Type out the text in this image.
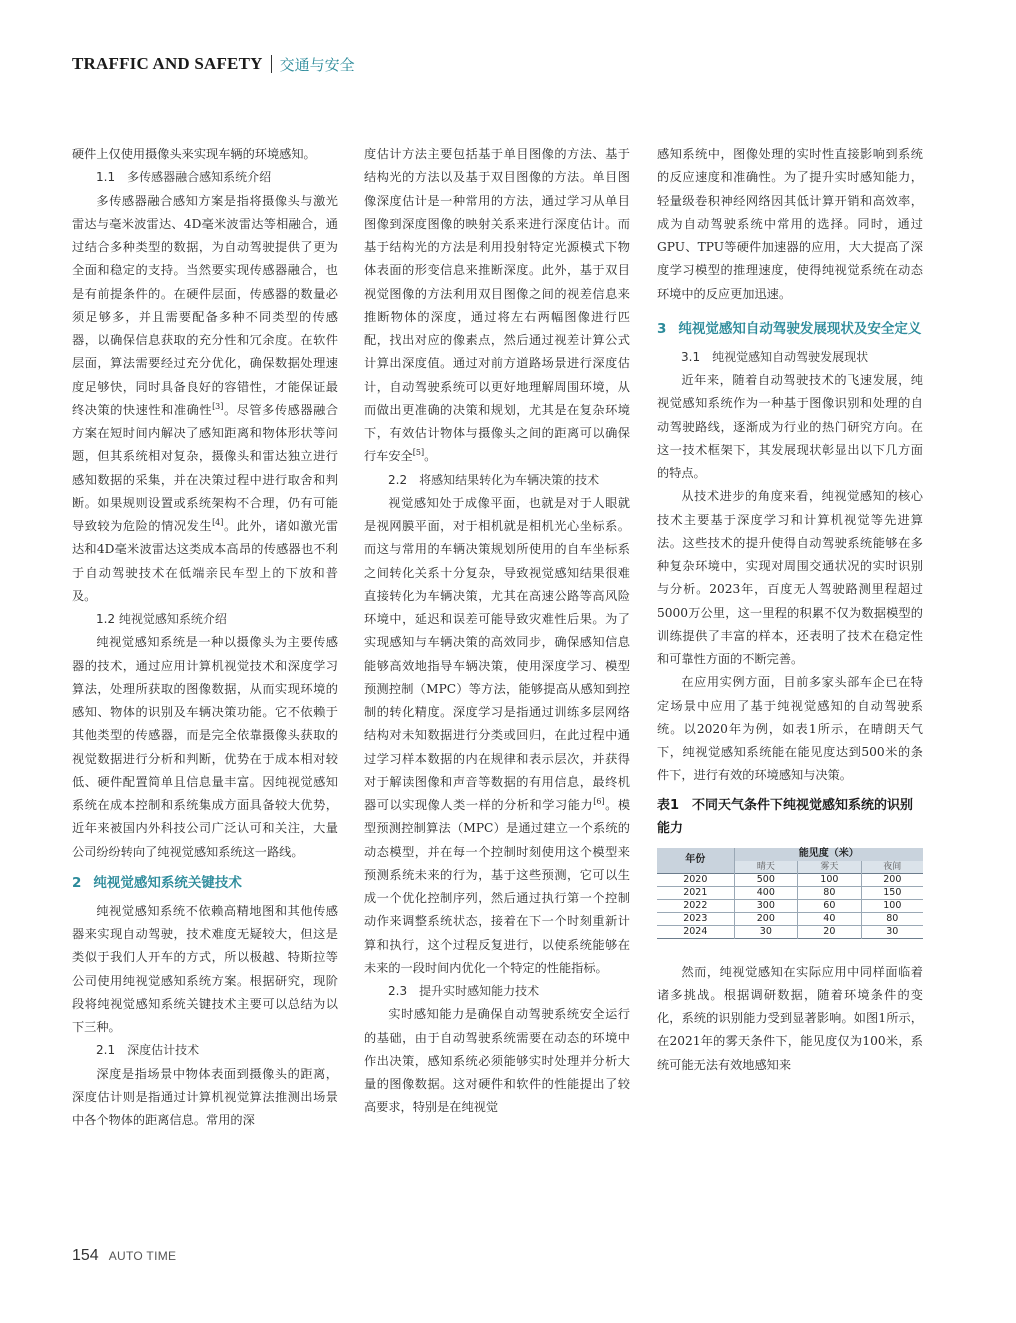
TRAFFIC AND SAFETY 交通与安全

硬件上仅使用摄像头来实现车辆的环境感知。

1.1　多传感器融合感知系统介绍

多传感器融合感知方案是指将摄像头与激光雷达与毫米波雷达、4D毫米波雷达等相融合，通过结合多种类型的数据，为自动驾驶提供了更为全面和稳定的支持。当然要实现传感器融合，也是有前提条件的。在硬件层面，传感器的数量必须足够多，并且需要配备多种不同类型的传感器，以确保信息获取的充分性和冗余度。在软件层面，算法需要经过充分优化，确保数据处理速度足够快，同时具备良好的容错性，才能保证最终决策的快速性和准确性[3]。尽管多传感器融合方案在短时间内解决了感知距离和物体形状等问题，但其系统相对复杂，摄像头和雷达独立进行感知数据的采集，并在决策过程中进行取舍和判断。如果规则设置或系统架构不合理，仍有可能导致较为危险的情况发生[4]。此外，诸如激光雷达和4D毫米波雷达这类成本高昂的传感器也不利于自动驾驶技术在低端亲民车型上的下放和普及。

1.2 纯视觉感知系统介绍

纯视觉感知系统是一种以摄像头为主要传感器的技术，通过应用计算机视觉技术和深度学习算法，处理所获取的图像数据，从而实现环境的感知、物体的识别及车辆决策功能。它不依赖于其他类型的传感器，而是完全依靠摄像头获取的视觉数据进行分析和判断，优势在于成本相对较低、硬件配置简单且信息量丰富。因纯视觉感知系统在成本控制和系统集成方面具备较大优势，近年来被国内外科技公司广泛认可和关注，大量公司纷纷转向了纯视觉感知系统这一路线。

2 纯视觉感知系统关键技术

纯视觉感知系统不依赖高精地图和其他传感器来实现自动驾驶，技术难度无疑较大，但这是类似于我们人开车的方式，所以极越、特斯拉等公司使用纯视觉感知系统方案。根据研究，现阶段将纯视觉感知系统关键技术主要可以总结为以下三种。

2.1　深度估计技术

深度是指场景中物体表面到摄像头的距离，深度估计则是指通过计算机视觉算法推测出场景中各个物体的距离信息。常用的深

度估计方法主要包括基于单目图像的方法、基于结构光的方法以及基于双目图像的方法。单目图像深度估计是一种常用的方法，通过学习从单目图像到深度图像的映射关系来进行深度估计。而基于结构光的方法是利用投射特定光源模式下物体表面的形变信息来推断深度。此外，基于双目视觉图像的方法利用双目图像之间的视差信息来推断物体的深度，通过将左右两幅图像进行匹配，找出对应的像素点，然后通过视差计算公式计算出深度值。通过对前方道路场景进行深度估计，自动驾驶系统可以更好地理解周围环境，从而做出更准确的决策和规划，尤其是在复杂环境下，有效估计物体与摄像头之间的距离可以确保行车安全[5]。

2.2　将感知结果转化为车辆决策的技术

视觉感知处于成像平面，也就是对于人眼就是视网膜平面，对于相机就是相机光心坐标系。而这与常用的车辆决策规划所使用的自车坐标系之间转化关系十分复杂，导致视觉感知结果很难直接转化为车辆决策，尤其在高速公路等高风险环境中，延迟和误差可能导致灾难性后果。为了实现感知与车辆决策的高效同步，确保感知信息能够高效地指导车辆决策，使用深度学习、模型预测控制（MPC）等方法，能够提高从感知到控制的转化精度。深度学习是指通过训练多层网络结构对未知数据进行分类或回归，在此过程中通过学习样本数据的内在规律和表示层次，并获得对于解读图像和声音等数据的有用信息，最终机器可以实现像人类一样的分析和学习能力[6]。模型预测控制算法（MPC）是通过建立一个系统的动态模型，并在每一个控制时刻使用这个模型来预测系统未来的行为，基于这些预测，它可以生成一个优化控制序列，然后通过执行第一个控制动作来调整系统状态，接着在下一个时刻重新计算和执行，这个过程反复进行，以使系统能够在未来的一段时间内优化一个特定的性能指标。

2.3　提升实时感知能力技术

实时感知能力是确保自动驾驶系统安全运行的基础，由于自动驾驶系统需要在动态的环境中作出决策，感知系统必须能够实时处理并分析大量的图像数据。这对硬件和软件的性能提出了较高要求，特别是在纯视觉

感知系统中，图像处理的实时性直接影响到系统的反应速度和准确性。为了提升实时感知能力，轻量级卷积神经网络因其低计算开销和高效率，成为自动驾驶系统中常用的选择。同时，通过GPU、TPU等硬件加速器的应用，大大提高了深度学习模型的推理速度，使得纯视觉系统在动态环境中的反应更加迅速。

3 纯视觉感知自动驾驶发展现状及安全定义

3.1　纯视觉感知自动驾驶发展现状

近年来，随着自动驾驶技术的飞速发展，纯视觉感知系统作为一种基于图像识别和处理的自动驾驶路线，逐渐成为行业的热门研究方向。在这一技术框架下，其发展现状彰显出以下几方面的特点。

从技术进步的角度来看，纯视觉感知的核心技术主要基于深度学习和计算机视觉等先进算法。这些技术的提升使得自动驾驶系统能够在多种复杂环境中，实现对周围交通状况的实时识别与分析。2023年，百度无人驾驶路测里程超过5000万公里，这一里程的积累不仅为数据模型的训练提供了丰富的样本，还表明了技术在稳定性和可靠性方面的不断完善。

在应用实例方面，目前多家头部车企已在特定场景中应用了基于纯视觉感知的自动驾驶系统。以2020年为例，如表1所示，在晴朗天气下，纯视觉感知系统能在能见度达到500米的条件下，进行有效的环境感知与决策。

表1　不同天气条件下纯视觉感知系统的识别能力
年份	能见度（米）		
	晴天	雾天	夜间
2020	500	100	200
2021	400	80	150
2022	300	60	100
2023	200	40	80
2024	30	20	30

然而，纯视觉感知在实际应用中同样面临着诸多挑战。根据调研数据，随着环境条件的变化，系统的识别能力受到显著影响。如图1所示，在2021年的雾天条件下，能见度仅为100米，系统可能无法有效地感知来

154 AUTO TIME
